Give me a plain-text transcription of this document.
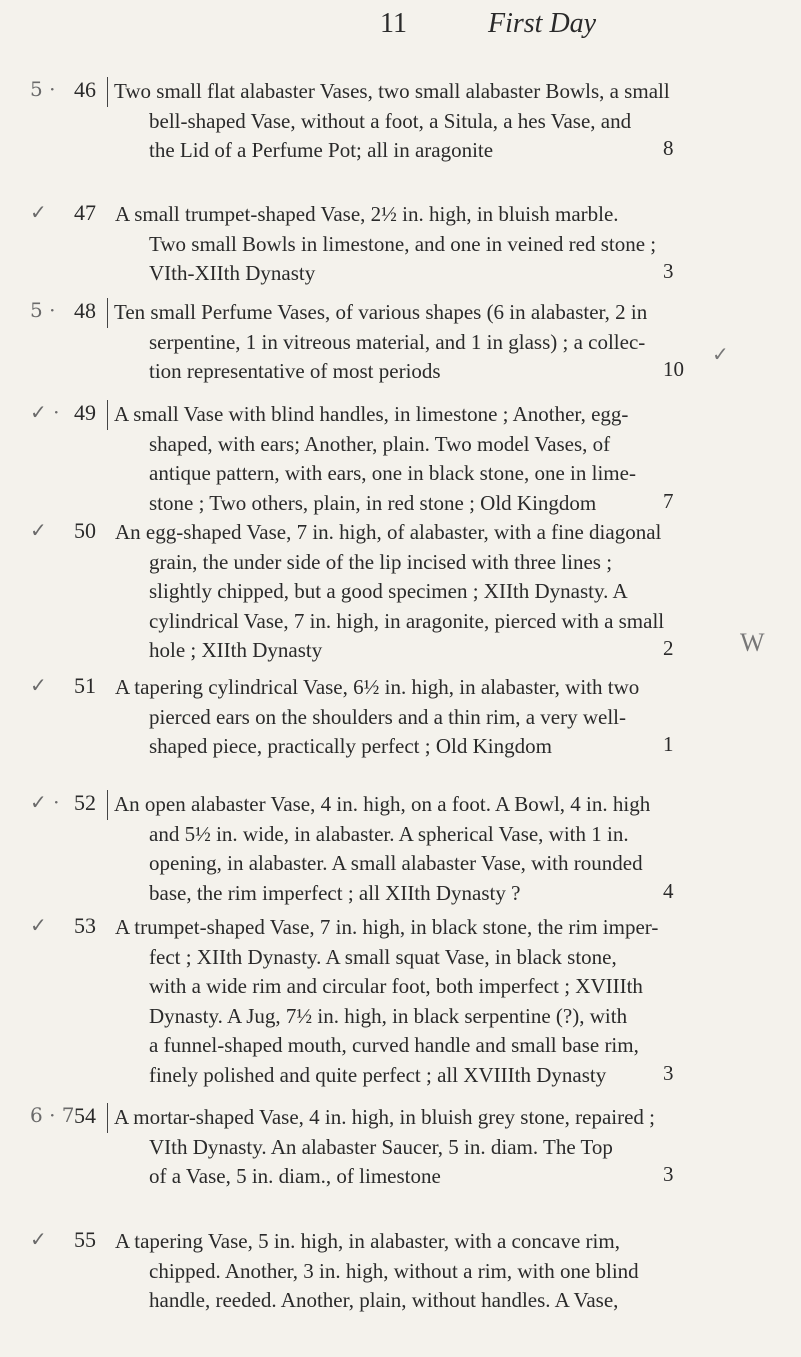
11	First Day
5 · 46 Two small flat alabaster Vases, two small alabaster Bowls, a small
bell-shaped Vase, without a foot, a Situla, a hes Vase, and
the Lid of a Perfume Pot; all in aragonite	8
✓ 47 A small trumpet-shaped Vase, 2½ in. high, in bluish marble.
Two small Bowls in limestone, and one in veined red stone ;
VIth-XIIth Dynasty	3
5 · 48 Ten small Perfume Vases, of various shapes (6 in alabaster, 2 in
serpentine, 1 in vitreous material, and 1 in glass) ; a collec-
tion representative of most periods	10
✓ · 49 A small Vase with blind handles, in limestone ; Another, egg-
shaped, with ears; Another, plain. Two model Vases, of
antique pattern, with ears, one in black stone, one in lime-
stone ; Two others, plain, in red stone ; Old Kingdom	7
✓ 50 An egg-shaped Vase, 7 in. high, of alabaster, with a fine diagonal
grain, the under side of the lip incised with three lines ;
slightly chipped, but a good specimen ; XIIth Dynasty. A
cylindrical Vase, 7 in. high, in aragonite, pierced with a small
hole ; XIIth Dynasty	2
✓ 51 A tapering cylindrical Vase, 6½ in. high, in alabaster, with two
pierced ears on the shoulders and a thin rim, a very well-
shaped piece, practically perfect ; Old Kingdom	1
✓ · 52 An open alabaster Vase, 4 in. high, on a foot. A Bowl, 4 in. high
and 5½ in. wide, in alabaster. A spherical Vase, with 1 in.
opening, in alabaster. A small alabaster Vase, with rounded
base, the rim imperfect ; all XIIth Dynasty ?	4
✓ 53 A trumpet-shaped Vase, 7 in. high, in black stone, the rim imper-
fect ; XIIth Dynasty. A small squat Vase, in black stone,
with a wide rim and circular foot, both imperfect ; XVIIIth
Dynasty. A Jug, 7½ in. high, in black serpentine (?), with
a funnel-shaped mouth, curved handle and small base rim,
finely polished and quite perfect ; all XVIIIth Dynasty	3
6 · 7 54 A mortar-shaped Vase, 4 in. high, in bluish grey stone, repaired ;
VIth Dynasty. An alabaster Saucer, 5 in. diam. The Top
of a Vase, 5 in. diam., of limestone	3
✓ 55 A tapering Vase, 5 in. high, in alabaster, with a concave rim,
chipped. Another, 3 in. high, without a rim, with one blind
handle, reeded. Another, plain, without handles. A Vase,
W
✓
